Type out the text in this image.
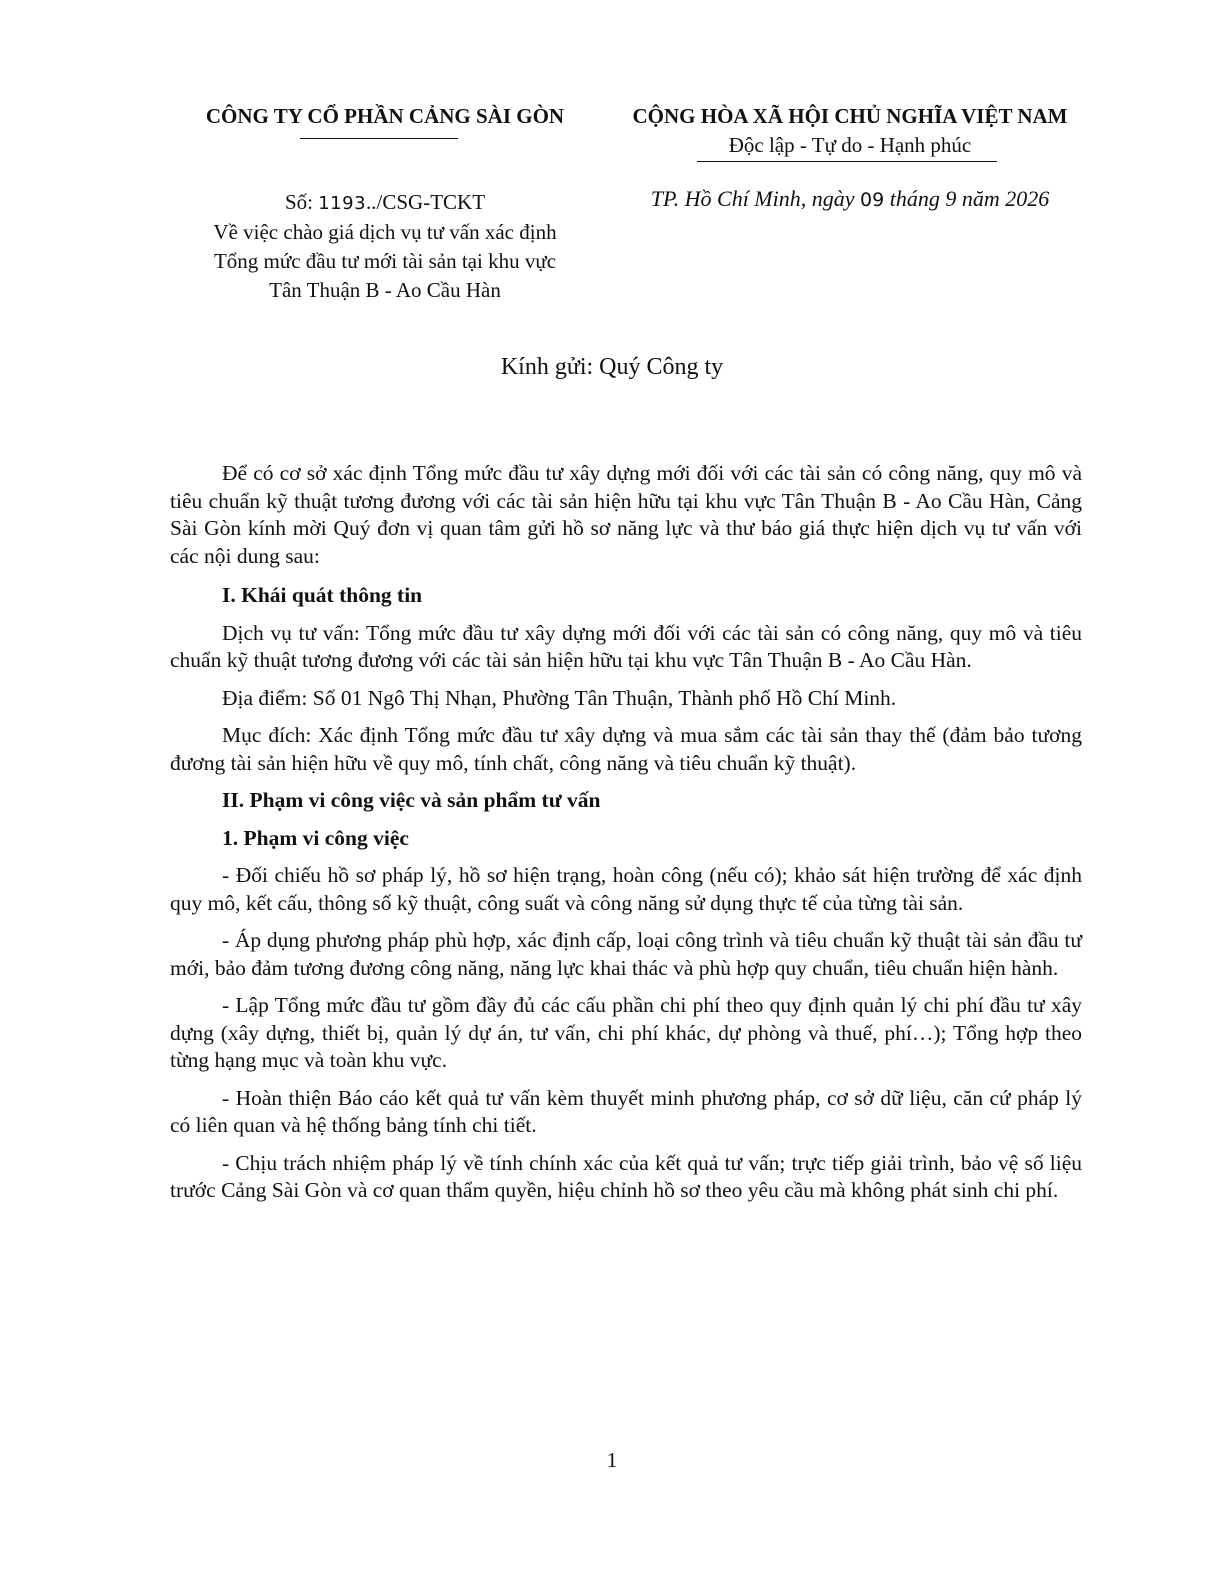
CÔNG TY CỔ PHẦN CẢNG SÀI GÒN	CỘNG HÒA XÃ HỘI CHỦ NGHĨA VIỆT NAM
Độc lập - Tự do - Hạnh phúc
Số: 1193../CSG-TCKT
Về việc chào giá dịch vụ tư vấn xác định
Tổng mức đầu tư mới tài sản tại khu vực
Tân Thuận B - Ao Cầu Hàn
TP. Hồ Chí Minh, ngày 09 tháng 9 năm 2026
Kính gửi: Quý Công ty

Để có cơ sở xác định Tổng mức đầu tư xây dựng mới đối với các tài sản có công năng, quy mô và tiêu chuẩn kỹ thuật tương đương với các tài sản hiện hữu tại khu vực Tân Thuận B - Ao Cầu Hàn, Cảng Sài Gòn kính mời Quý đơn vị quan tâm gửi hồ sơ năng lực và thư báo giá thực hiện dịch vụ tư vấn với các nội dung sau:

I. Khái quát thông tin

Dịch vụ tư vấn: Tổng mức đầu tư xây dựng mới đối với các tài sản có công năng, quy mô và tiêu chuẩn kỹ thuật tương đương với các tài sản hiện hữu tại khu vực Tân Thuận B - Ao Cầu Hàn.

Địa điểm: Số 01 Ngô Thị Nhạn, Phường Tân Thuận, Thành phố Hồ Chí Minh.

Mục đích: Xác định Tổng mức đầu tư xây dựng và mua sắm các tài sản thay thế (đảm bảo tương đương tài sản hiện hữu về quy mô, tính chất, công năng và tiêu chuẩn kỹ thuật).

II. Phạm vi công việc và sản phẩm tư vấn
1. Phạm vi công việc

- Đối chiếu hồ sơ pháp lý, hồ sơ hiện trạng, hoàn công (nếu có); khảo sát hiện trường để xác định quy mô, kết cấu, thông số kỹ thuật, công suất và công năng sử dụng thực tế của từng tài sản.

- Áp dụng phương pháp phù hợp, xác định cấp, loại công trình và tiêu chuẩn kỹ thuật tài sản đầu tư mới, bảo đảm tương đương công năng, năng lực khai thác và phù hợp quy chuẩn, tiêu chuẩn hiện hành.

- Lập Tổng mức đầu tư gồm đầy đủ các cấu phần chi phí theo quy định quản lý chi phí đầu tư xây dựng (xây dựng, thiết bị, quản lý dự án, tư vấn, chi phí khác, dự phòng và thuế, phí…); Tổng hợp theo từng hạng mục và toàn khu vực.

- Hoàn thiện Báo cáo kết quả tư vấn kèm thuyết minh phương pháp, cơ sở dữ liệu, căn cứ pháp lý có liên quan và hệ thống bảng tính chi tiết.

- Chịu trách nhiệm pháp lý về tính chính xác của kết quả tư vấn; trực tiếp giải trình, bảo vệ số liệu trước Cảng Sài Gòn và cơ quan thẩm quyền, hiệu chỉnh hồ sơ theo yêu cầu mà không phát sinh chi phí.

1
